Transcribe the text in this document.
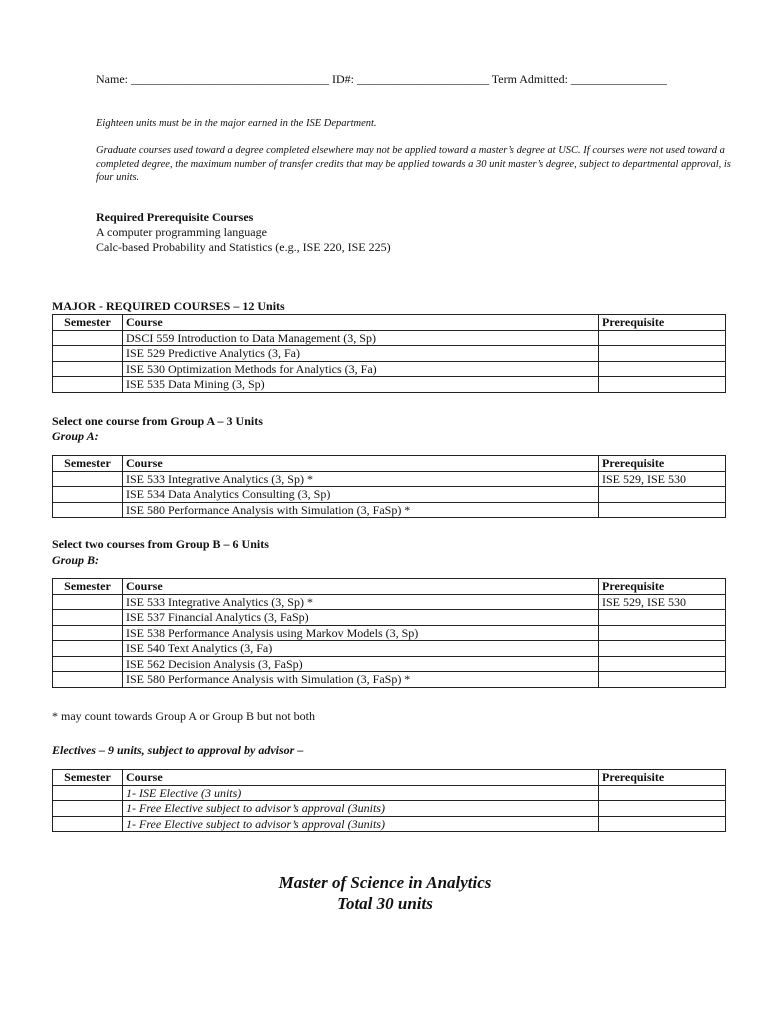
Name: _________________________________ ID#: ______________________ Term Admitted: ________________
Eighteen units must be in the major earned in the ISE Department.
Graduate courses used toward a degree completed elsewhere may not be applied toward a master’s degree at USC. If courses were not used toward a completed degree, the maximum number of transfer credits that may be applied towards a 30 unit master’s degree, subject to departmental approval, is four units.
Required Prerequisite Courses
A computer programming language
Calc-based Probability and Statistics (e.g., ISE 220, ISE 225)
MAJOR - REQUIRED COURSES – 12 Units
Semester	Course	Prerequisite
	DSCI 559 Introduction to Data Management (3, Sp)	
	ISE 529 Predictive Analytics (3, Fa)	
	ISE 530 Optimization Methods for Analytics (3, Fa)	
	ISE 535 Data Mining (3, Sp)	
Select one course from Group A – 3 Units
Group A:
Semester	Course	Prerequisite
	ISE 533 Integrative Analytics (3, Sp) *	ISE 529, ISE 530
	ISE 534 Data Analytics Consulting (3, Sp)	
	ISE 580 Performance Analysis with Simulation (3, FaSp) *	
Select two courses from Group B – 6 Units
Group B:
Semester	Course	Prerequisite
	ISE 533 Integrative Analytics (3, Sp) *	ISE 529, ISE 530
	ISE 537 Financial Analytics (3, FaSp)	
	ISE 538 Performance Analysis using Markov Models (3, Sp)	
	ISE 540 Text Analytics (3, Fa)	
	ISE 562 Decision Analysis (3, FaSp)	
	ISE 580 Performance Analysis with Simulation (3, FaSp) *	
* may count towards Group A or Group B but not both
Electives – 9 units, subject to approval by advisor –
Semester	Course	Prerequisite
	1- ISE Elective (3 units)	
	1- Free Elective subject to advisor’s approval (3units)	
	1- Free Elective subject to advisor’s approval (3units)	
Master of Science in Analytics
Total 30 units
